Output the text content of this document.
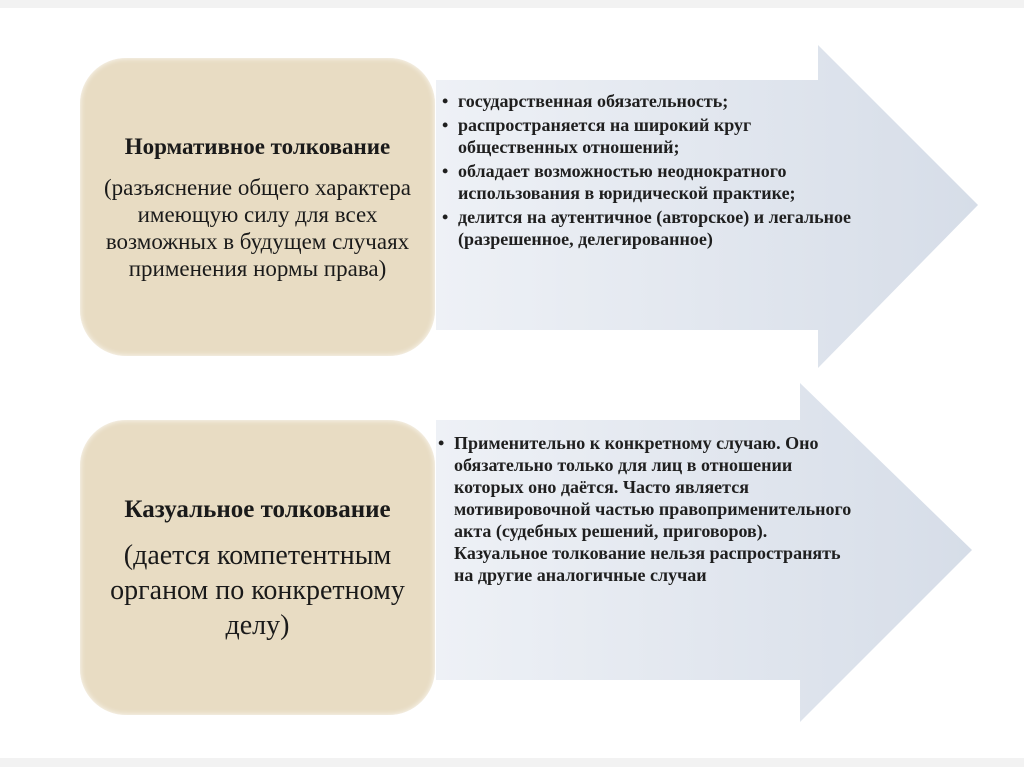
Нормативное толкование
(разъяснение общего характера имеющую силу для всех возможных в будущем случаях применения нормы права)
• государственная обязательность;
• распространяется на широкий круг общественных отношений;
• обладает возможностью неоднократного использования в юридической практике;
• делится на аутентичное (авторское) и легальное (разрешенное, делегированное)
Казуальное толкование
(дается компетентным органом по конкретному делу)
• Применительно к конкретному случаю. Оно обязательно только для лиц в отношении которых оно даётся. Часто является мотивировочной частью правоприменительного акта (судебных решений, приговоров). Казуальное толкование нельзя распространять на другие аналогичные случаи
